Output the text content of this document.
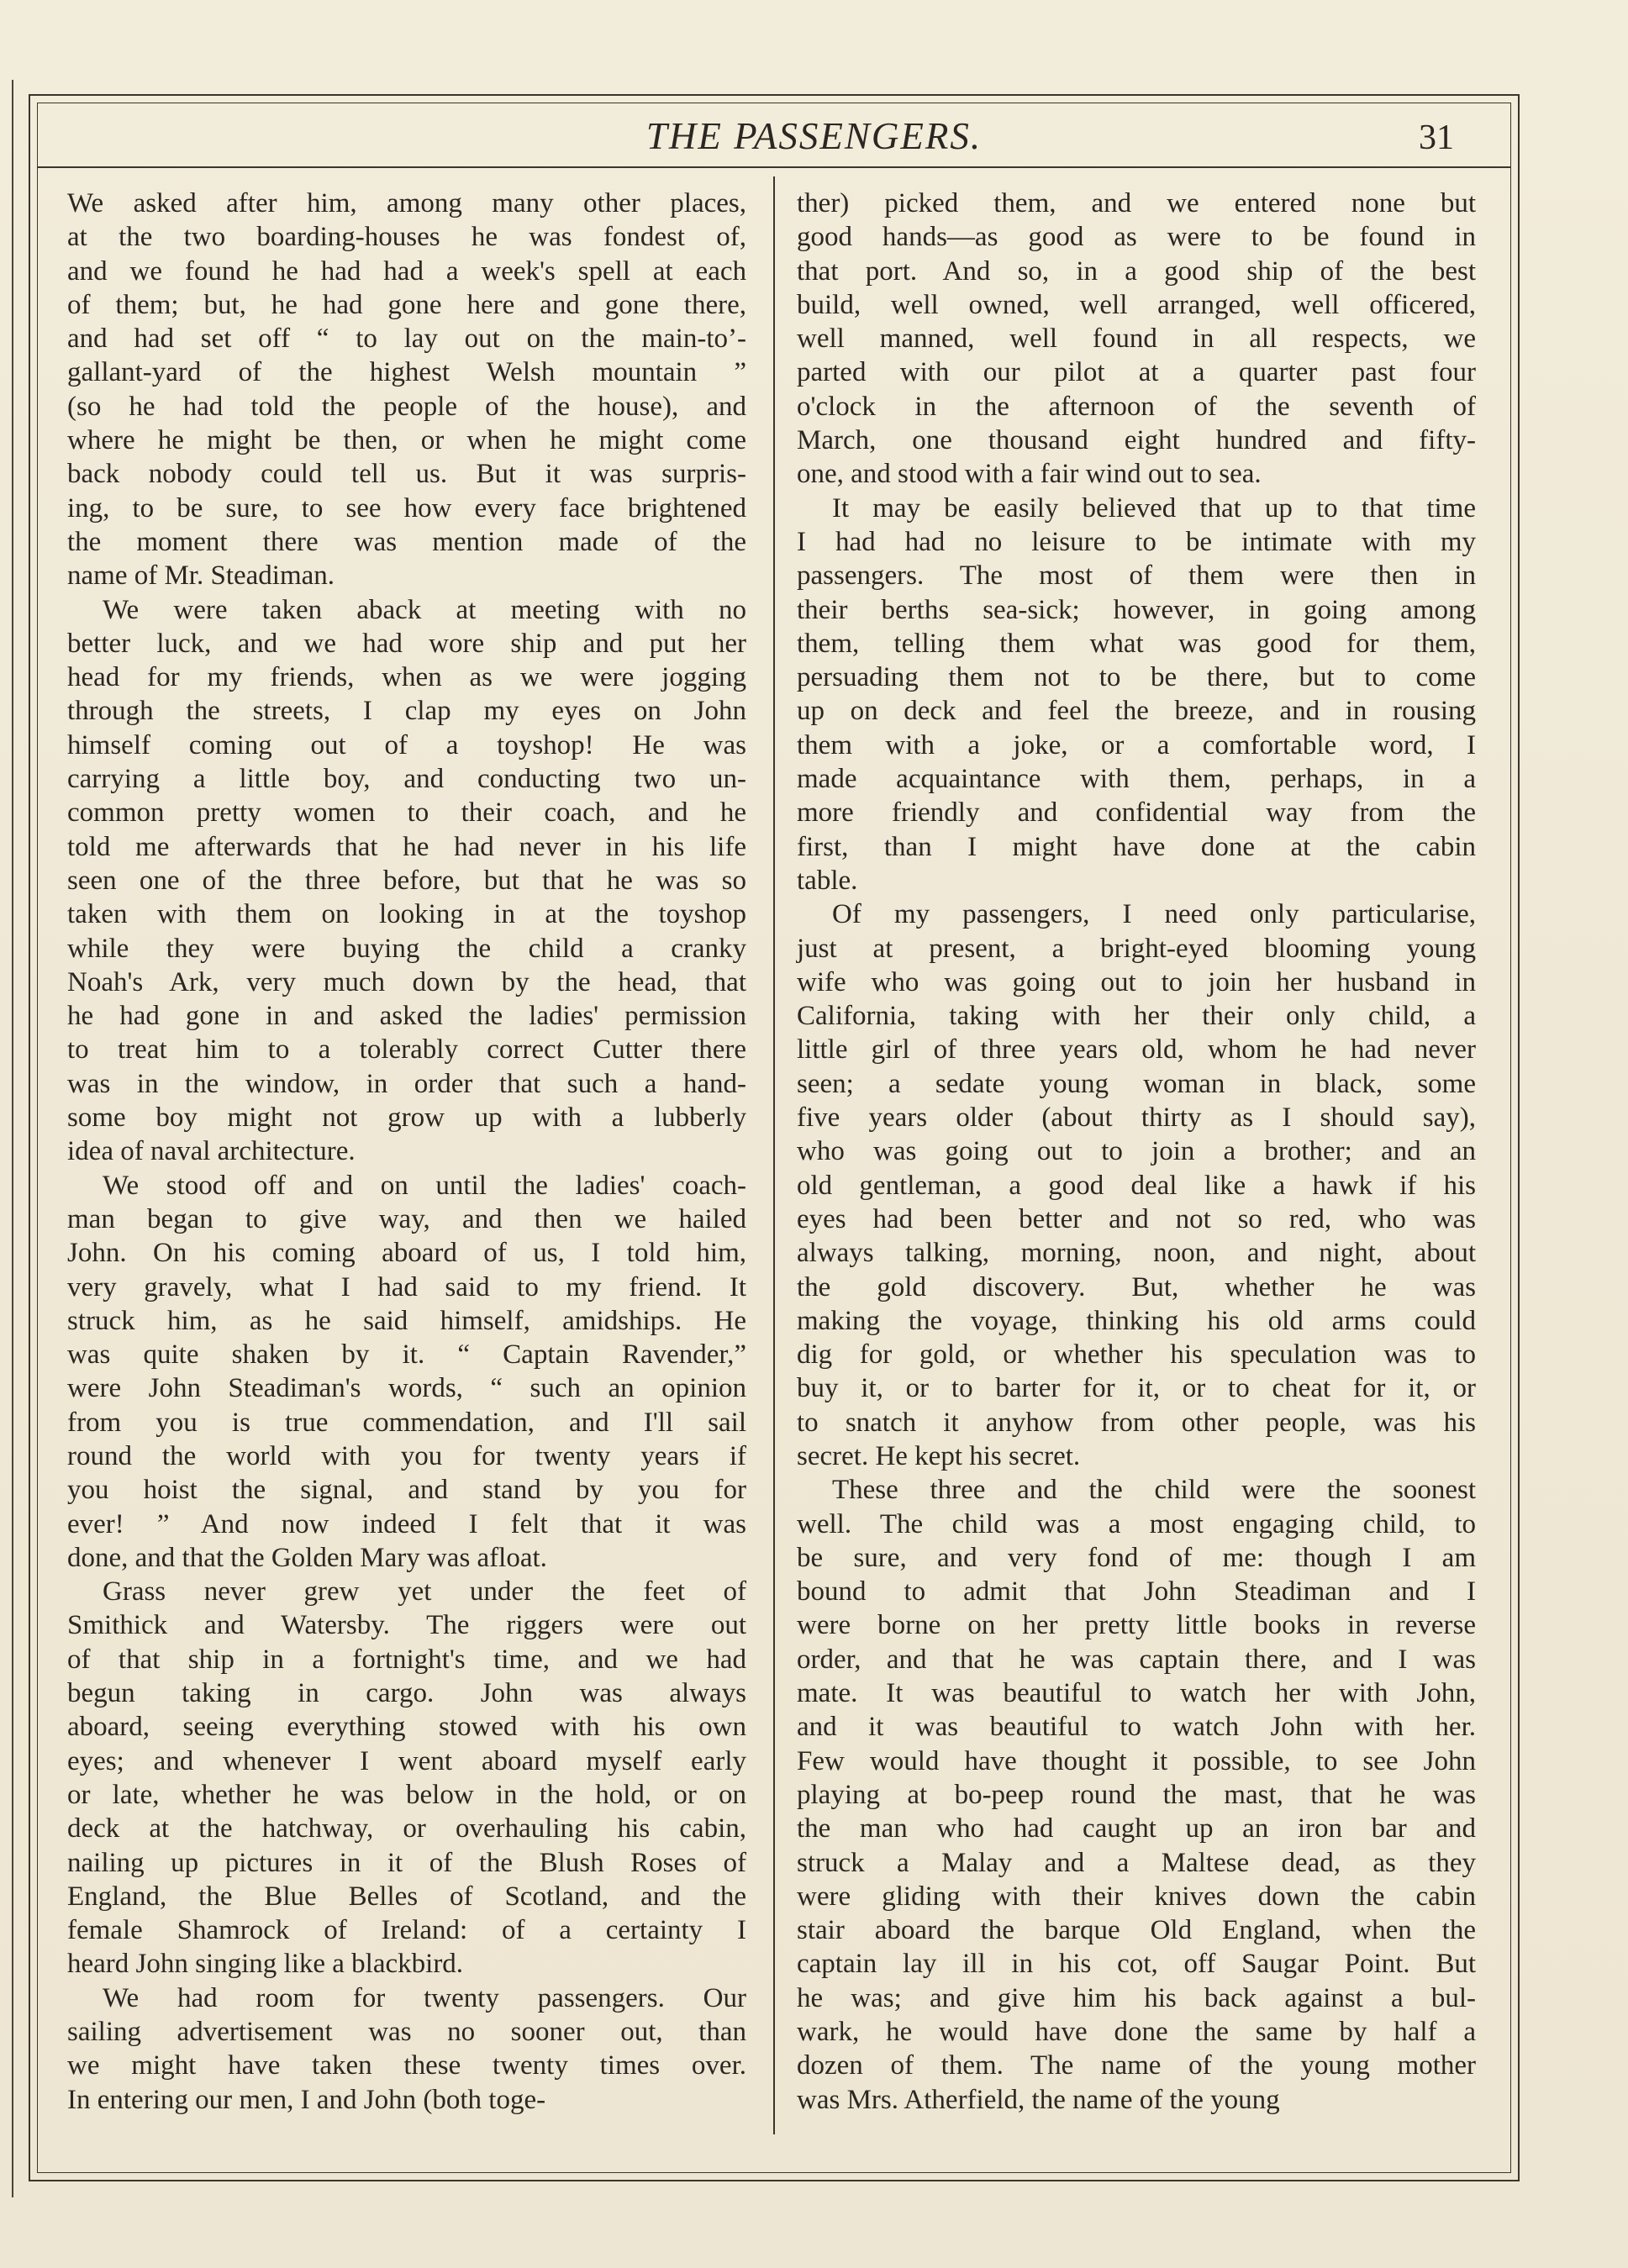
THE PASSENGERS.	31
We asked after him, among many other places,
at the two boarding-houses he was fondest of,
and we found he had had a week's spell at each
of them; but, he had gone here and gone there,
and had set off “ to lay out on the main-to’-
gallant-yard of the highest Welsh mountain ”
(so he had told the people of the house), and
where he might be then, or when he might come
back nobody could tell us. But it was surpris-
ing, to be sure, to see how every face brightened
the moment there was mention made of the
name of Mr. Steadiman.
We were taken aback at meeting with no
better luck, and we had wore ship and put her
head for my friends, when as we were jogging
through the streets, I clap my eyes on John
himself coming out of a toyshop! He was
carrying a little boy, and conducting two un-
common pretty women to their coach, and he
told me afterwards that he had never in his life
seen one of the three before, but that he was so
taken with them on looking in at the toyshop
while they were buying the child a cranky
Noah's Ark, very much down by the head, that
he had gone in and asked the ladies' permission
to treat him to a tolerably correct Cutter there
was in the window, in order that such a hand-
some boy might not grow up with a lubberly
idea of naval architecture.
We stood off and on until the ladies' coach-
man began to give way, and then we hailed
John. On his coming aboard of us, I told him,
very gravely, what I had said to my friend. It
struck him, as he said himself, amidships. He
was quite shaken by it. “ Captain Ravender,”
were John Steadiman's words, “ such an opinion
from you is true commendation, and I'll sail
round the world with you for twenty years if
you hoist the signal, and stand by you for
ever! ” And now indeed I felt that it was
done, and that the Golden Mary was afloat.
Grass never grew yet under the feet of
Smithick and Watersby. The riggers were out
of that ship in a fortnight's time, and we had
begun taking in cargo. John was always
aboard, seeing everything stowed with his own
eyes; and whenever I went aboard myself early
or late, whether he was below in the hold, or on
deck at the hatchway, or overhauling his cabin,
nailing up pictures in it of the Blush Roses of
England, the Blue Belles of Scotland, and the
female Shamrock of Ireland: of a certainty I
heard John singing like a blackbird.
We had room for twenty passengers. Our
sailing advertisement was no sooner out, than
we might have taken these twenty times over.
In entering our men, I and John (both toge-
ther) picked them, and we entered none but
good hands—as good as were to be found in
that port. And so, in a good ship of the best
build, well owned, well arranged, well officered,
well manned, well found in all respects, we
parted with our pilot at a quarter past four
o'clock in the afternoon of the seventh of
March, one thousand eight hundred and fifty-
one, and stood with a fair wind out to sea.
It may be easily believed that up to that time
I had had no leisure to be intimate with my
passengers. The most of them were then in
their berths sea-sick; however, in going among
them, telling them what was good for them,
persuading them not to be there, but to come
up on deck and feel the breeze, and in rousing
them with a joke, or a comfortable word, I
made acquaintance with them, perhaps, in a
more friendly and confidential way from the
first, than I might have done at the cabin
table.
Of my passengers, I need only particularise,
just at present, a bright-eyed blooming young
wife who was going out to join her husband in
California, taking with her their only child, a
little girl of three years old, whom he had never
seen; a sedate young woman in black, some
five years older (about thirty as I should say),
who was going out to join a brother; and an
old gentleman, a good deal like a hawk if his
eyes had been better and not so red, who was
always talking, morning, noon, and night, about
the gold discovery. But, whether he was
making the voyage, thinking his old arms could
dig for gold, or whether his speculation was to
buy it, or to barter for it, or to cheat for it, or
to snatch it anyhow from other people, was his
secret. He kept his secret.
These three and the child were the soonest
well. The child was a most engaging child, to
be sure, and very fond of me: though I am
bound to admit that John Steadiman and I
were borne on her pretty little books in reverse
order, and that he was captain there, and I was
mate. It was beautiful to watch her with John,
and it was beautiful to watch John with her.
Few would have thought it possible, to see John
playing at bo-peep round the mast, that he was
the man who had caught up an iron bar and
struck a Malay and a Maltese dead, as they
were gliding with their knives down the cabin
stair aboard the barque Old England, when the
captain lay ill in his cot, off Saugar Point. But
he was; and give him his back against a bul-
wark, he would have done the same by half a
dozen of them. The name of the young mother
was Mrs. Atherfield, the name of the young
